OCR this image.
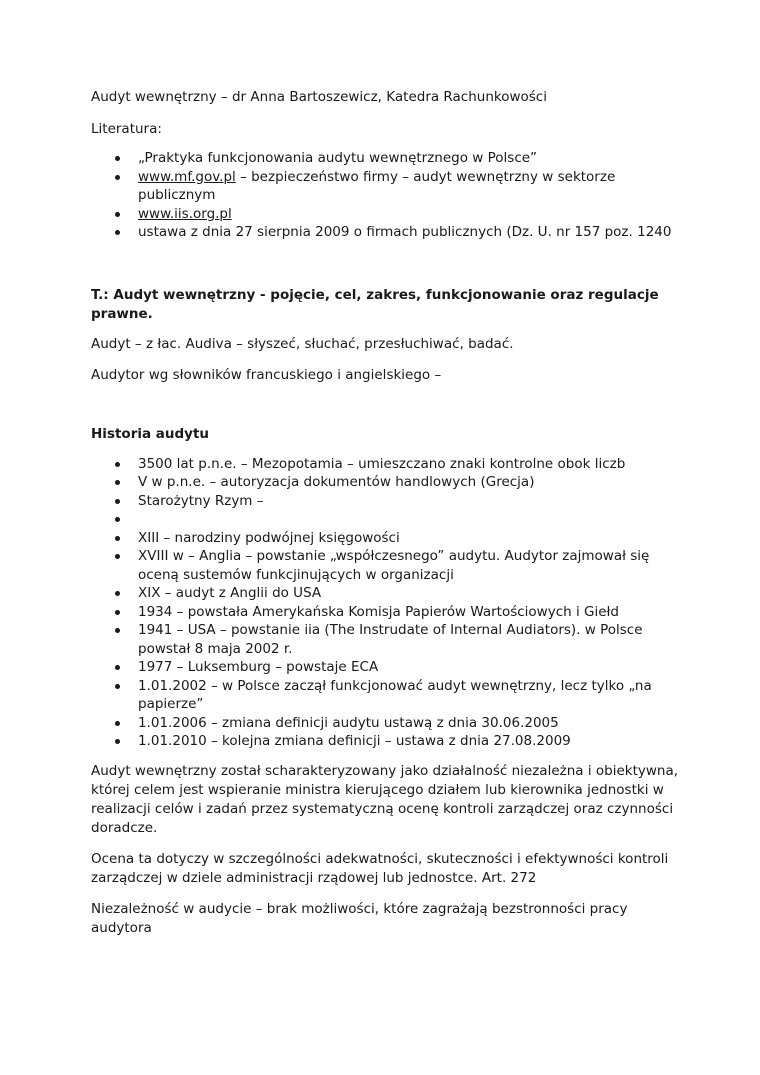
Audyt wewnętrzny – dr Anna Bartoszewicz, Katedra Rachunkowości

Literatura:

„Praktyka funkcjonowania audytu wewnętrznego w Polsce”
www.mf.gov.pl – bezpieczeństwo firmy – audyt wewnętrzny w sektorze publicznym
www.iis.org.pl
ustawa z dnia 27 sierpnia 2009 o firmach publicznych (Dz. U. nr 157 poz. 1240

T.: Audyt wewnętrzny - pojęcie, cel, zakres, funkcjonowanie oraz regulacje prawne.

Audyt – z łac. Audiva – słyszeć, słuchać, przesłuchiwać, badać.

Audytor wg słowników francuskiego i angielskiego –

Historia audytu

3500 lat p.n.e. – Mezopotamia – umieszczano znaki kontrolne obok liczb
V w p.n.e. – autoryzacja dokumentów handlowych (Grecja)
Starożytny Rzym –
XIII – narodziny podwójnej księgowości
XVIII w – Anglia – powstanie „współczesnego” audytu. Audytor zajmował się oceną sustemów funkcjinujących w organizacji
XIX – audyt z Anglii do USA
1934 – powstała Amerykańska Komisja Papierów Wartościowych i Giełd
1941 – USA – powstanie iia (The Instrudate of Internal Audiators). w Polsce powstał 8 maja 2002 r.
1977 – Luksemburg – powstaje ECA
1.01.2002 – w Polsce zaczął funkcjonować audyt wewnętrzny, lecz tylko „na papierze”
1.01.2006 – zmiana definicji audytu ustawą z dnia 30.06.2005
1.01.2010 – kolejna zmiana definicji – ustawa z dnia 27.08.2009

Audyt wewnętrzny został scharakteryzowany jako działalność niezależna i obiektywna, której celem jest wspieranie ministra kierującego działem lub kierownika jednostki w realizacji celów i zadań przez systematyczną ocenę kontroli zarządczej oraz czynności doradcze.

Ocena ta dotyczy w szczególności adekwatności, skuteczności i efektywności kontroli zarządczej w dziele administracji rządowej lub jednostce. Art. 272

Niezależność w audycie – brak możliwości, które zagrażają bezstronności pracy audytora
